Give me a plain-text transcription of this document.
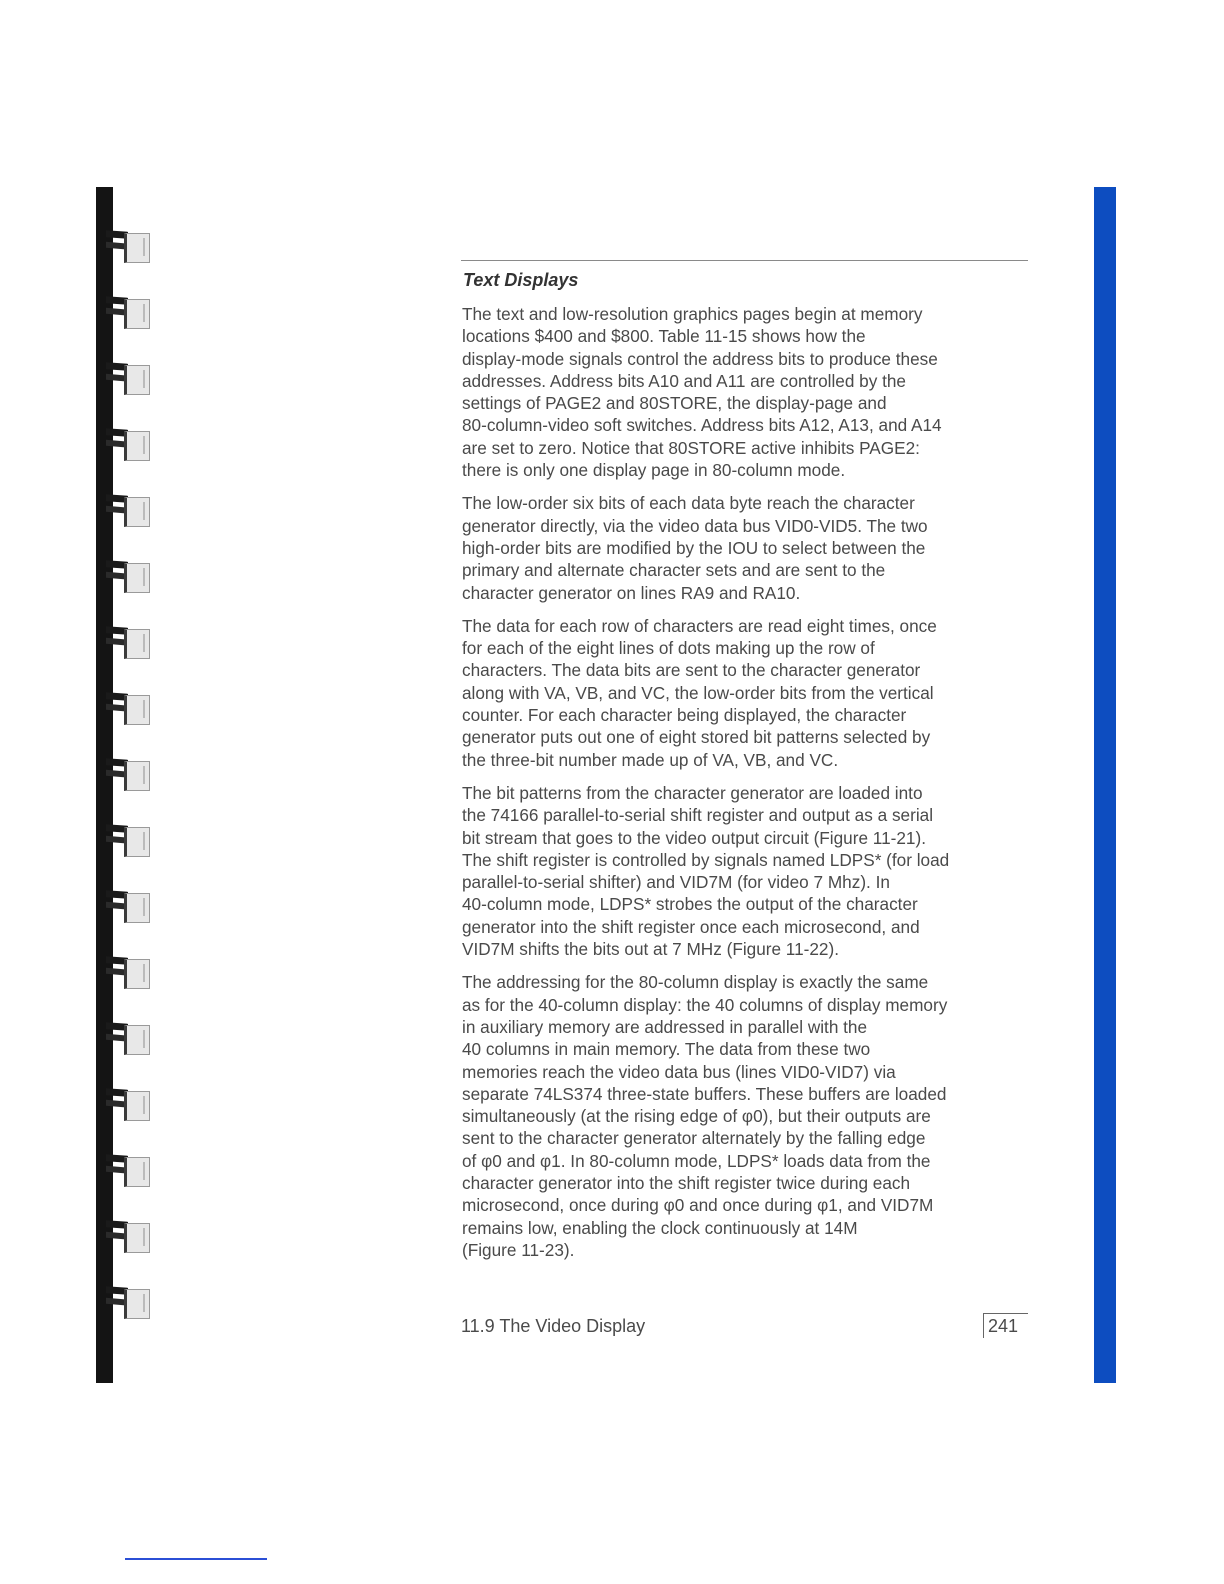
Text Displays

The text and low-resolution graphics pages begin at memory
locations $400 and $800. Table 11-15 shows how the
display-mode signals control the address bits to produce these
addresses. Address bits A10 and A11 are controlled by the
settings of PAGE2 and 80STORE, the display-page and
80-column-video soft switches. Address bits A12, A13, and A14
are set to zero. Notice that 80STORE active inhibits PAGE2:
there is only one display page in 80-column mode.

The low-order six bits of each data byte reach the character
generator directly, via the video data bus VID0-VID5. The two
high-order bits are modified by the IOU to select between the
primary and alternate character sets and are sent to the
character generator on lines RA9 and RA10.

The data for each row of characters are read eight times, once
for each of the eight lines of dots making up the row of
characters. The data bits are sent to the character generator
along with VA, VB, and VC, the low-order bits from the vertical
counter. For each character being displayed, the character
generator puts out one of eight stored bit patterns selected by
the three-bit number made up of VA, VB, and VC.

The bit patterns from the character generator are loaded into
the 74166 parallel-to-serial shift register and output as a serial
bit stream that goes to the video output circuit (Figure 11-21).
The shift register is controlled by signals named LDPS* (for load
parallel-to-serial shifter) and VID7M (for video 7 Mhz). In
40-column mode, LDPS* strobes the output of the character
generator into the shift register once each microsecond, and
VID7M shifts the bits out at 7 MHz (Figure 11-22).

The addressing for the 80-column display is exactly the same
as for the 40-column display: the 40 columns of display memory
in auxiliary memory are addressed in parallel with the
40 columns in main memory. The data from these two
memories reach the video data bus (lines VID0-VID7) via
separate 74LS374 three-state buffers. These buffers are loaded
simultaneously (at the rising edge of φ0), but their outputs are
sent to the character generator alternately by the falling edge
of φ0 and φ1. In 80-column mode, LDPS* loads data from the
character generator into the shift register twice during each
microsecond, once during φ0 and once during φ1, and VID7M
remains low, enabling the clock continuously at 14M
(Figure 11-23).

11.9 The Video Display	241
